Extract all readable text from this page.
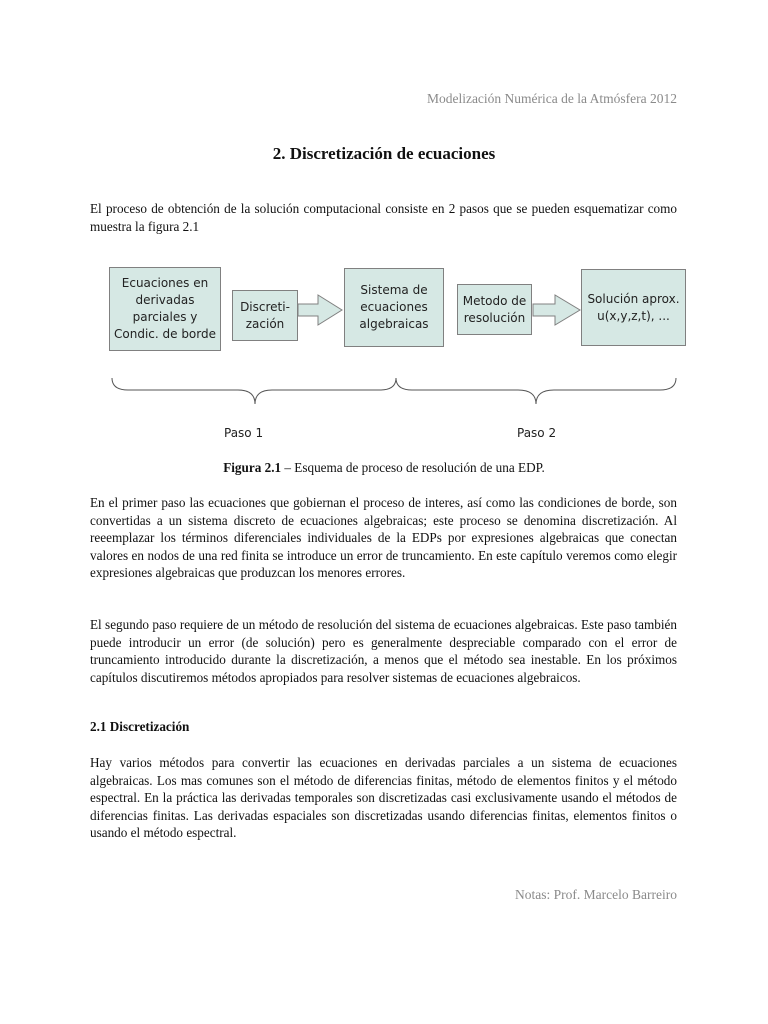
Modelización Numérica de la Atmósfera 2012
2. Discretización de ecuaciones
El proceso de obtención de la solución computacional consiste en 2 pasos que se pueden esquematizar como muestra la figura 2.1
Ecuaciones en derivadas parciales y Condic. de borde
Discreti-zación
Sistema de ecuaciones algebraicas
Metodo de resolución
Solución aprox. u(x,y,z,t), ...
Paso 1	Paso 2
Figura 2.1 – Esquema de proceso de resolución de una EDP.
En el primer paso las ecuaciones que gobiernan el proceso de interes, así como las condiciones de borde, son convertidas a un sistema discreto de ecuaciones algebraicas; este proceso se denomina discretización. Al reeemplazar los términos diferenciales individuales de la EDPs por expresiones algebraicas que conectan valores en nodos de una red finita se introduce un error de truncamiento. En este capítulo veremos como elegir expresiones algebraicas que produzcan los menores errores.
El segundo paso requiere de un método de resolución del sistema de ecuaciones algebraicas. Este paso también puede introducir un error (de solución) pero es generalmente despreciable comparado con el error de truncamiento introducido durante la discretización, a menos que el método sea inestable. En los próximos capítulos discutiremos métodos apropiados para resolver sistemas de ecuaciones algebraicos.
2.1 Discretización
Hay varios métodos para convertir las ecuaciones en derivadas parciales a un sistema de ecuaciones algebraicas. Los mas comunes son el método de diferencias finitas, método de elementos finitos y el método espectral. En la práctica las derivadas temporales son discretizadas casi exclusivamente usando el métodos de diferencias finitas. Las derivadas espaciales son discretizadas usando diferencias finitas, elementos finitos o usando el método espectral.
Notas: Prof. Marcelo Barreiro
